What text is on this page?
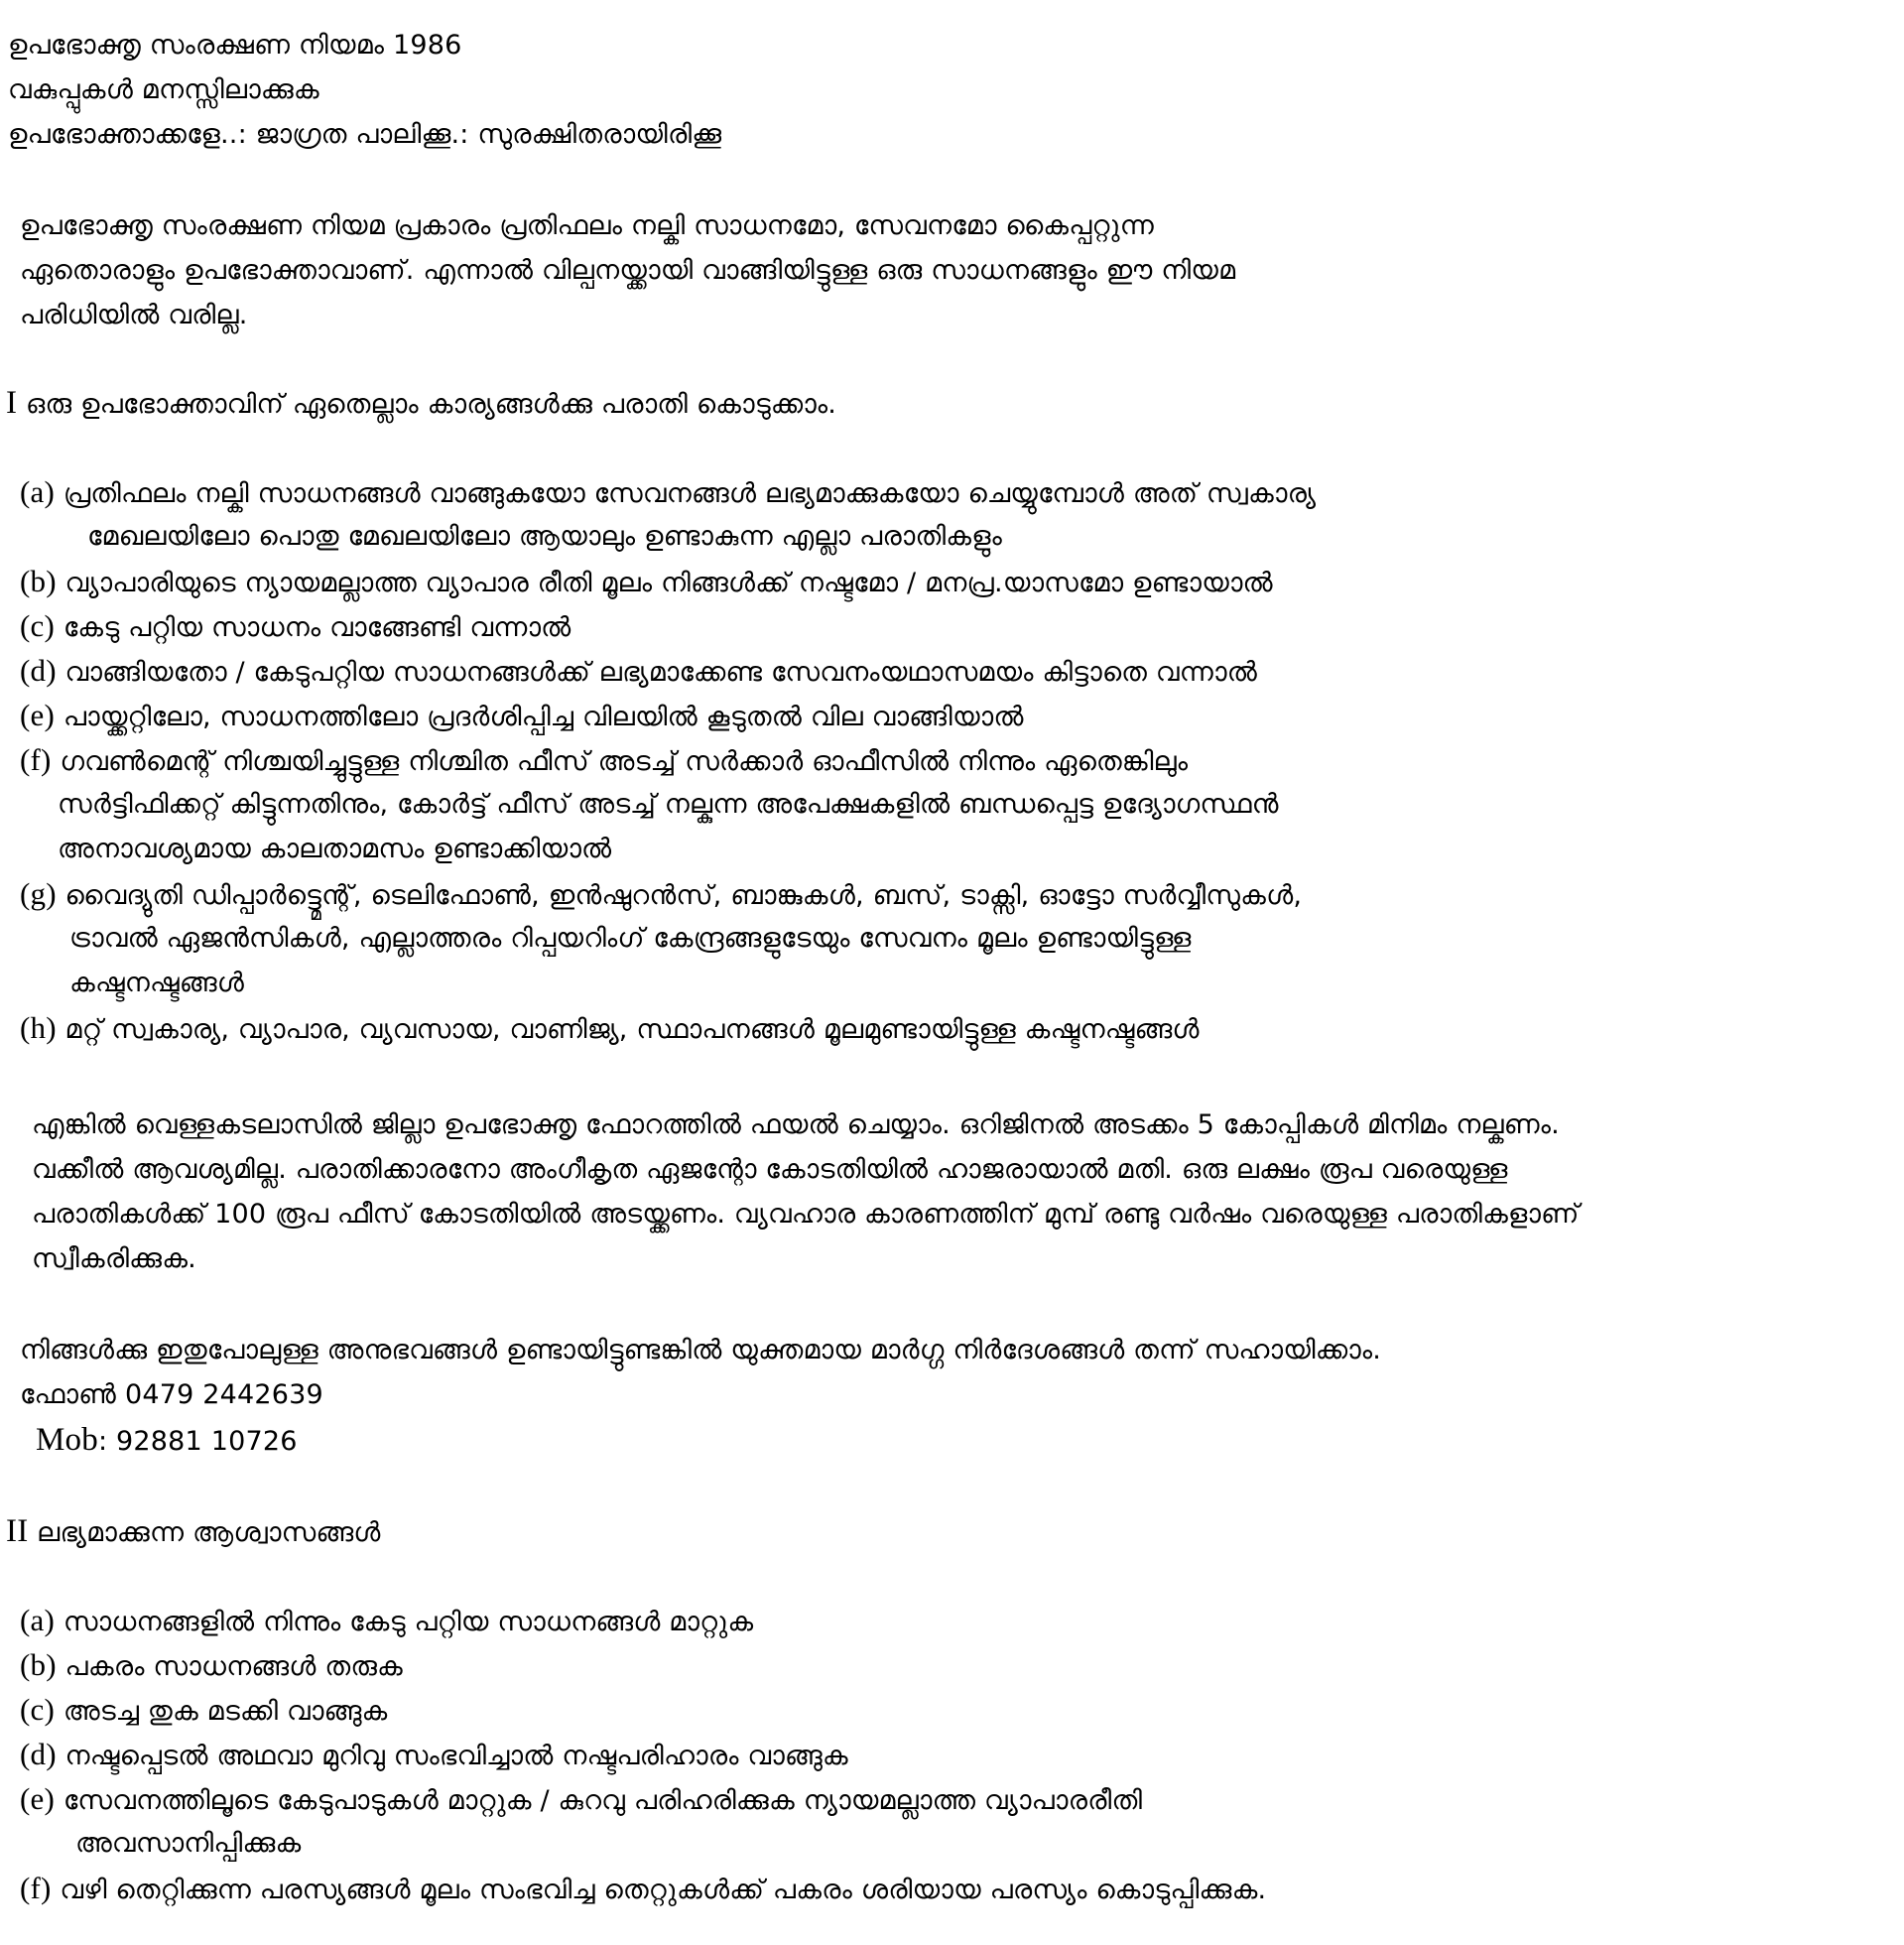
ഉപഭോക്തൃ സംരക്ഷണ നിയമം 1986
വകുപ്പുകൾ മനസ്സിലാക്കുക
ഉപഭോക്താക്കളേ..: ജാഗ്രത പാലിക്കൂ.: സുരക്ഷിതരായിരിക്കൂ
ഉപഭോക്തൃ സംരക്ഷണ നിയമ പ്രകാരം പ്രതിഫലം നല്കി സാധനമോ, സേവനമോ കൈപ്പറ്റുന്ന
ഏതൊരാളും ഉപഭോക്താവാണ്. എന്നാൽ വില്പനയ്ക്കായി വാങ്ങിയിട്ടുള്ള ഒരു സാധനങ്ങളും ഈ നിയമ
പരിധിയിൽ വരില്ല.
I ഒരു ഉപഭോക്താവിന് ഏതെല്ലാം കാര്യങ്ങൾക്കു പരാതി കൊടുക്കാം.
(a) പ്രതിഫലം നല്കി സാധനങ്ങൾ വാങ്ങുകയോ സേവനങ്ങൾ ലഭ്യമാക്കുകയോ ചെയ്യുമ്പോൾ അത് സ്വകാര്യ
മേഖലയിലോ പൊതു മേഖലയിലോ ആയാലും ഉണ്ടാകുന്ന എല്ലാ പരാതികളും
(b) വ്യാപാരിയുടെ ന്യായമല്ലാത്ത വ്യാപാര രീതി മൂലം നിങ്ങൾക്ക് നഷ്ടമോ / മനപ്ര.യാസമോ ഉണ്ടായാൽ
(c) കേടു പറ്റിയ സാധനം വാങ്ങേണ്ടി വന്നാൽ
(d) വാങ്ങിയതോ / കേടുപറ്റിയ സാധനങ്ങൾക്ക് ലഭ്യമാക്കേണ്ട സേവനംയഥാസമയം കിട്ടാതെ വന്നാൽ
(e) പായ്ക്കറ്റിലോ, സാധനത്തിലോ പ്രദർശിപ്പിച്ച വിലയിൽ കൂടുതൽ വില വാങ്ങിയാൽ
(f) ഗവൺമെന്റ് നിശ്ചയിച്ചുട്ടുള്ള നിശ്ചിത ഫീസ് അടച്ച് സർക്കാർ ഓഫീസിൽ നിന്നും ഏതെങ്കിലും
സർട്ടിഫിക്കറ്റ് കിട്ടുന്നതിനും, കോർട്ട് ഫീസ് അടച്ച് നല്കുന്ന അപേക്ഷകളിൽ ബന്ധപ്പെട്ട ഉദ്യോഗസ്ഥൻ
അനാവശ്യമായ കാലതാമസം ഉണ്ടാക്കിയാൽ
(g) വൈദ്യുതി ഡിപ്പാർട്ട്മെന്റ്, ടെലിഫോൺ, ഇൻഷുറൻസ്, ബാങ്കുകൾ, ബസ്, ടാക്സി, ഓട്ടോ സർവ്വീസുകൾ,
ട്രാവൽ ഏജൻസികൾ, എല്ലാത്തരം റിപ്പയറിംഗ് കേന്ദ്രങ്ങളുടേയും സേവനം മൂലം ഉണ്ടായിട്ടുള്ള
കഷ്ടനഷ്ടങ്ങൾ
(h) മറ്റ് സ്വകാര്യ, വ്യാപാര, വ്യവസായ, വാണിജ്യ, സ്ഥാപനങ്ങൾ മൂലമുണ്ടായിട്ടുള്ള കഷ്ടനഷ്ടങ്ങൾ
എങ്കിൽ വെള്ളകടലാസിൽ ജില്ലാ ഉപഭോക്തൃ ഫോറത്തിൽ ഫയൽ ചെയ്യാം. ഒറിജിനൽ അടക്കം 5 കോപ്പികൾ മിനിമം നല്കണം.
വക്കീൽ ആവശ്യമില്ല. പരാതിക്കാരനോ അംഗീകൃത ഏജന്റോ കോടതിയിൽ ഹാജരായാൽ മതി. ഒരു ലക്ഷം രൂപ വരെയുള്ള
പരാതികൾക്ക് 100 രൂപ ഫീസ് കോടതിയിൽ അടയ്ക്കണം. വ്യവഹാര കാരണത്തിന് മുമ്പ് രണ്ടു വർഷം വരെയുള്ള പരാതികളാണ്
സ്വീകരിക്കുക.
നിങ്ങൾക്കു ഇതുപോലുള്ള അനുഭവങ്ങൾ ഉണ്ടായിട്ടുണ്ടങ്കിൽ യുക്തമായ മാർഗ്ഗ നിർദേശങ്ങൾ തന്ന് സഹായിക്കാം.
ഫോൺ 0479 2442639
Mob: 92881 10726
II ലഭ്യമാക്കുന്ന ആശ്വാസങ്ങൾ
(a) സാധനങ്ങളിൽ നിന്നും കേടു പറ്റിയ സാധനങ്ങൾ മാറ്റുക
(b) പകരം സാധനങ്ങൾ തരുക
(c) അടച്ച തുക മടക്കി വാങ്ങുക
(d) നഷ്ടപ്പെടൽ അഥവാ മുറിവു സംഭവിച്ചാൽ നഷ്ടപരിഹാരം വാങ്ങുക
(e) സേവനത്തിലൂടെ കേടുപാടുകൾ മാറ്റുക / കുറവു പരിഹരിക്കുക ന്യായമല്ലാത്ത വ്യാപാരരീതി
അവസാനിപ്പിക്കുക
(f) വഴി തെറ്റിക്കുന്ന പരസ്യങ്ങൾ മൂലം സംഭവിച്ച തെറ്റുകൾക്ക് പകരം ശരിയായ പരസ്യം കൊടുപ്പിക്കുക.
